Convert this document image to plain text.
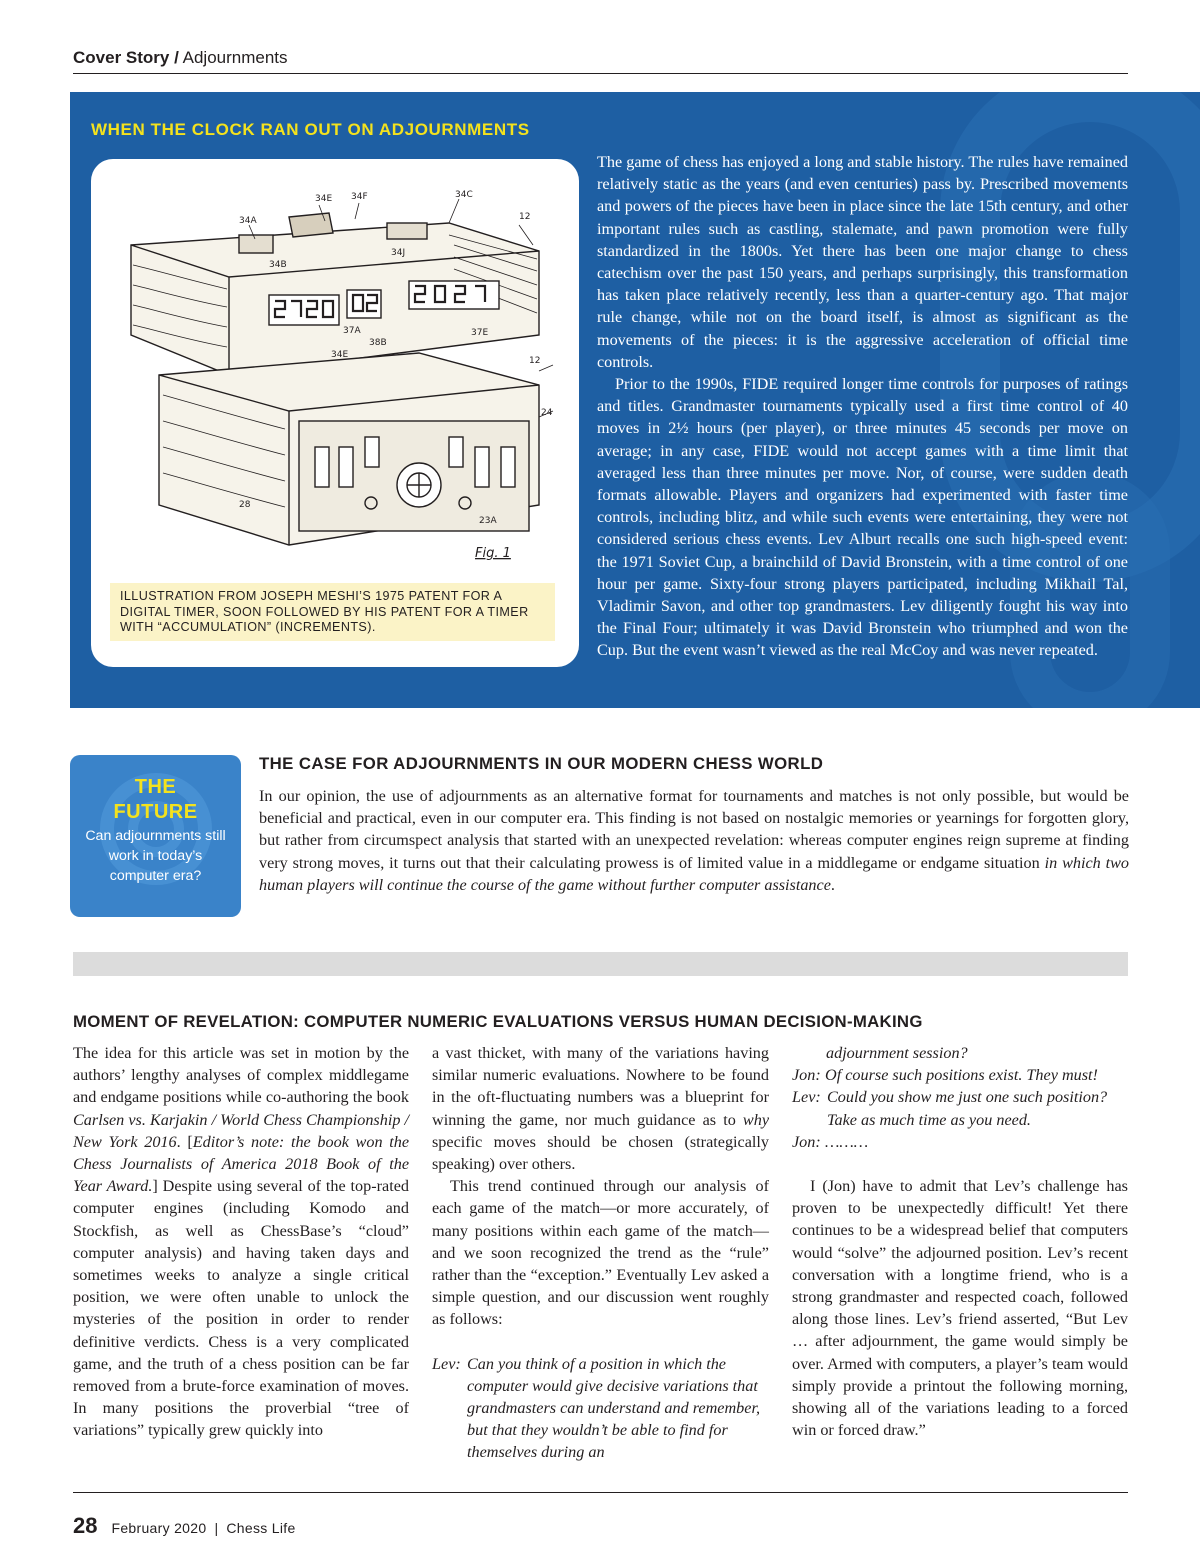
Cover Story / Adjournments
WHEN THE CLOCK RAN OUT ON ADJOURNMENTS
34E 34F	34C
34A
34B
34J
12
37E
37A
38B
34E
24
12
28
23A
Fig. 1
ILLUSTRATION FROM JOSEPH MESHI’S 1975 PATENT FOR A DIGITAL TIMER, SOON FOLLOWED BY HIS PATENT FOR A TIMER WITH “ACCUMULATION” (INCREMENTS).

The game of chess has enjoyed a long and stable history. The rules have remained relatively static as the years (and even centuries) pass by. Prescribed movements and powers of the pieces have been in place since the late 15th century, and other important rules such as castling, stalemate, and pawn promotion were fully standardized in the 1800s. Yet there has been one major change to chess catechism over the past 150 years, and perhaps surprisingly, this transformation has taken place relatively recently, less than a quarter-century ago. That major rule change, while not on the board itself, is almost as significant as the movements of the pieces: it is the aggressive acceleration of official time controls.

Prior to the 1990s, FIDE required longer time controls for purposes of ratings and titles. Grandmaster tournaments typically used a first time control of 40 moves in 2½ hours (per player), or three minutes 45 seconds per move on average; in any case, FIDE would not accept games with a time limit that averaged less than three minutes per move. Nor, of course, were sudden death formats allowable. Players and organizers had experimented with faster time controls, including blitz, and while such events were entertaining, they were not considered serious chess events. Lev Alburt recalls one such high-speed event: the 1971 Soviet Cup, a brainchild of David Bronstein, with a time control of one hour per game. Sixty-four strong players participated, including Mikhail Tal, Vladimir Savon, and other top grandmasters. Lev diligently fought his way into the Final Four; ultimately it was David Bronstein who triumphed and won the Cup. But the event wasn’t viewed as the real McCoy and was never repeated.

THE
FUTURE
Can adjournments still work in today’s computer era?
THE CASE FOR ADJOURNMENTS IN OUR MODERN CHESS WORLD
In our opinion, the use of adjournments as an alternative format for tournaments and matches is not only possible, but would be beneficial and practical, even in our computer era. This finding is not based on nostalgic memories or yearnings for forgotten glory, but rather from circumspect analysis that started with an unexpected revelation: whereas computer engines reign supreme at finding very strong moves, it turns out that their calculating prowess is of limited value in a middlegame or endgame situation in which two human players will continue the course of the game without further computer assistance.
MOMENT OF REVELATION: COMPUTER NUMERIC EVALUATIONS VERSUS HUMAN DECISION-MAKING

The idea for this article was set in motion by the authors’ lengthy analyses of complex middlegame and endgame positions while co-authoring the book Carlsen vs. Karjakin / World Chess Championship / New York 2016. [Editor’s note: the book won the Chess Journalists of America 2018 Book of the Year Award.] Despite using several of the top-rated computer engines (including Komodo and Stockfish, as well as ChessBase’s “cloud” computer analysis) and having taken days and sometimes weeks to analyze a single critical position, we were often unable to unlock the mysteries of the position in order to render definitive verdicts. Chess is a very complicated game, and the truth of a chess position can be far removed from a brute-force examination of moves. In many positions the proverbial “tree of variations” typically grew quickly into

a vast thicket, with many of the variations having similar numeric evaluations. Nowhere to be found in the oft-fluctuating numbers was a blueprint for winning the game, nor much guidance as to why specific moves should be chosen (strategically speaking) over others.

This trend continued through our analysis of each game of the match—or more accurately, of many positions within each game of the match—and we soon recognized the trend as the “rule” rather than the “exception.” Eventually Lev asked a simple question, and our discussion went roughly as follows:

Lev: Can you think of a position in which the computer would give decisive variations that grandmasters can understand and remember, but that they wouldn’t be able to find for themselves during an
adjournment session?
Jon: Of course such positions exist. They must!
Lev: Could you show me just one such position? Take as much time as you need.
Jon: ………

I (Jon) have to admit that Lev’s challenge has proven to be unexpectedly difficult! Yet there continues to be a widespread belief that computers would “solve” the adjourned position. Lev’s recent conversation with a longtime friend, who is a strong grandmaster and respected coach, followed along those lines. Lev’s friend asserted, “But Lev … after adjournment, the game would simply be over. Armed with computers, a player’s team would simply provide a printout the following morning, showing all of the variations leading to a forced win or forced draw.”

28 February 2020 | Chess Life
